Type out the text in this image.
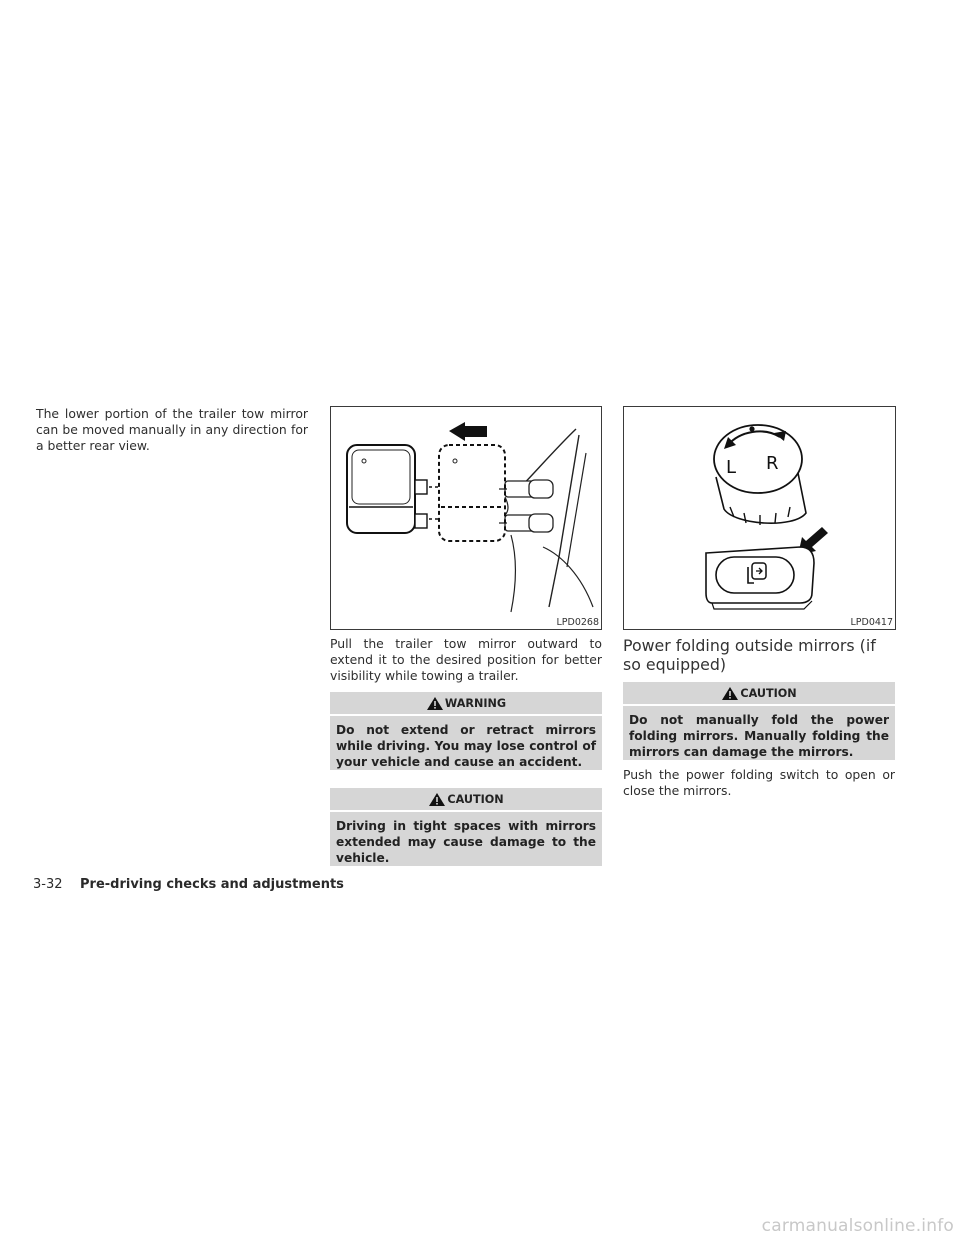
The lower portion of the trailer tow mirror can be moved manually in any direction for a better rear view.
LPD0268
L R
LPD0417
Pull the trailer tow mirror outward to extend it to the desired position for better visibility while towing a trailer.
WARNING
Do not extend or retract mirrors while driving. You may lose control of your vehicle and cause an accident.
CAUTION
Driving in tight spaces with mirrors extended may cause damage to the vehicle.
Power folding outside mirrors (if so equipped)
CAUTION
Do not manually fold the power folding mirrors. Manually folding the mirrors can damage the mirrors.
Push the power folding switch to open or close the mirrors.
3-32 Pre-driving checks and adjustments
carmanualsonline.info
